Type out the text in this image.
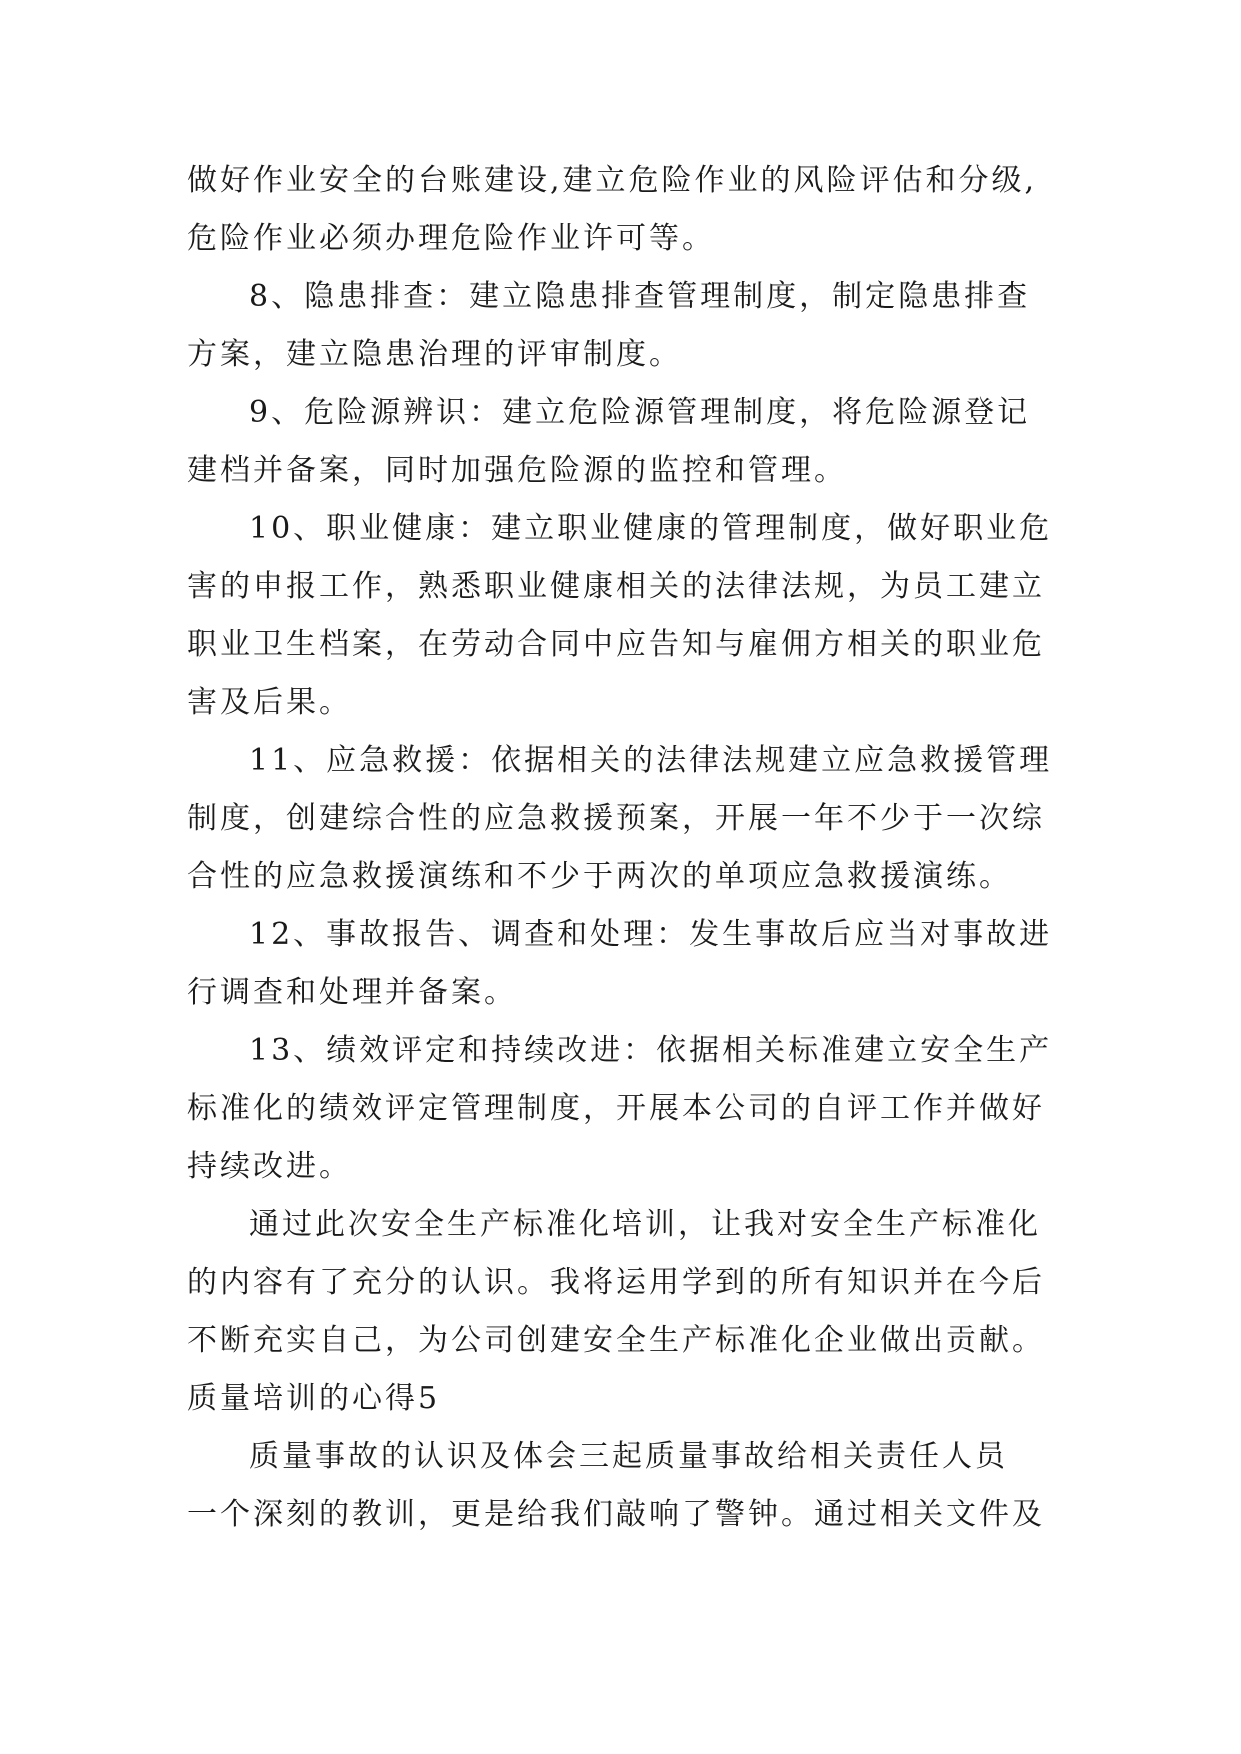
做好作业安全的台账建设,建立危险作业的风险评估和分级,
危险作业必须办理危险作业许可等。
8、隐患排查：建立隐患排查管理制度，制定隐患排查
方案，建立隐患治理的评审制度。
9、危险源辨识：建立危险源管理制度，将危险源登记
建档并备案，同时加强危险源的监控和管理。
10、职业健康：建立职业健康的管理制度，做好职业危
害的申报工作，熟悉职业健康相关的法律法规，为员工建立
职业卫生档案，在劳动合同中应告知与雇佣方相关的职业危
害及后果。
11、应急救援：依据相关的法律法规建立应急救援管理
制度，创建综合性的应急救援预案，开展一年不少于一次综
合性的应急救援演练和不少于两次的单项应急救援演练。
12、事故报告、调查和处理：发生事故后应当对事故进
行调查和处理并备案。
13、绩效评定和持续改进：依据相关标准建立安全生产
标准化的绩效评定管理制度，开展本公司的自评工作并做好
持续改进。
通过此次安全生产标准化培训，让我对安全生产标准化
的内容有了充分的认识。我将运用学到的所有知识并在今后
不断充实自己，为公司创建安全生产标准化企业做出贡献。
质量培训的心得5
质量事故的认识及体会三起质量事故给相关责任人员
一个深刻的教训，更是给我们敲响了警钟。通过相关文件及
